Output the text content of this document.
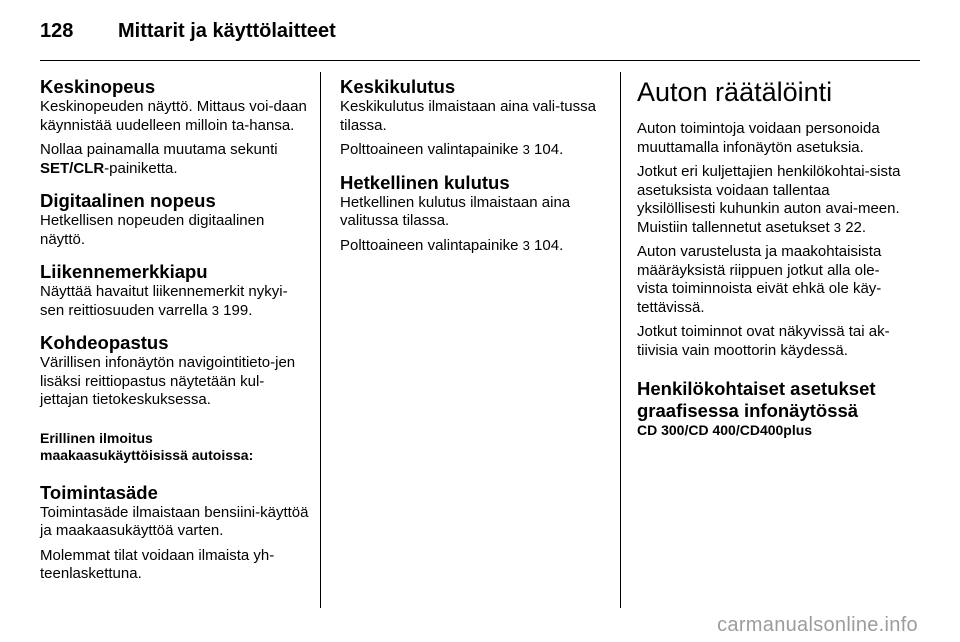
128 Mittarit ja käyttölaitteet
Keskinopeus

Keskinopeuden näyttö. Mittaus voi-daan käynnistää uudelleen milloin ta-hansa.

Nollaa painamalla muutama sekunti
SET/CLR-painiketta.

Digitaalinen nopeus

Hetkellisen nopeuden digitaalinen näyttö.

Liikennemerkkiapu

Näyttää havaitut liikennemerkit nykyi-sen reittiosuuden varrella 3 199.

Kohdeopastus

Värillisen infonäytön navigointitieto-jen lisäksi reittiopastus näytetään kul-jettajan tietokeskuksessa.

Erillinen ilmoitus
maakaasukäyttöisissä autoissa:
Toimintasäde

Toimintasäde ilmaistaan bensiini-käyttöä ja maakaasukäyttöä varten.

Molemmat tilat voidaan ilmaista yh-teenlaskettuna.

Keskikulutus

Keskikulutus ilmaistaan aina vali-tussa tilassa.

Polttoaineen valintapainike 3 104.

Hetkellinen kulutus

Hetkellinen kulutus ilmaistaan aina valitussa tilassa.

Polttoaineen valintapainike 3 104.

Auton räätälöinti

Auton toimintoja voidaan personoida muuttamalla infonäytön asetuksia.

Jotkut eri kuljettajien henkilökohtai-sista asetuksista voidaan tallentaa yksilöllisesti kuhunkin auton avai-meen. Muistiin tallennetut asetukset 3 22.

Auton varustelusta ja maakohtaisista määräyksistä riippuen jotkut alla ole-vista toiminnoista eivät ehkä ole käy-tettävissä.

Jotkut toiminnot ovat näkyvissä tai ak-tiivisia vain moottorin käydessä.

Henkilökohtaiset asetukset graafisessa infonäytössä
CD 300/CD 400/CD400plus
carmanualsonline.info
